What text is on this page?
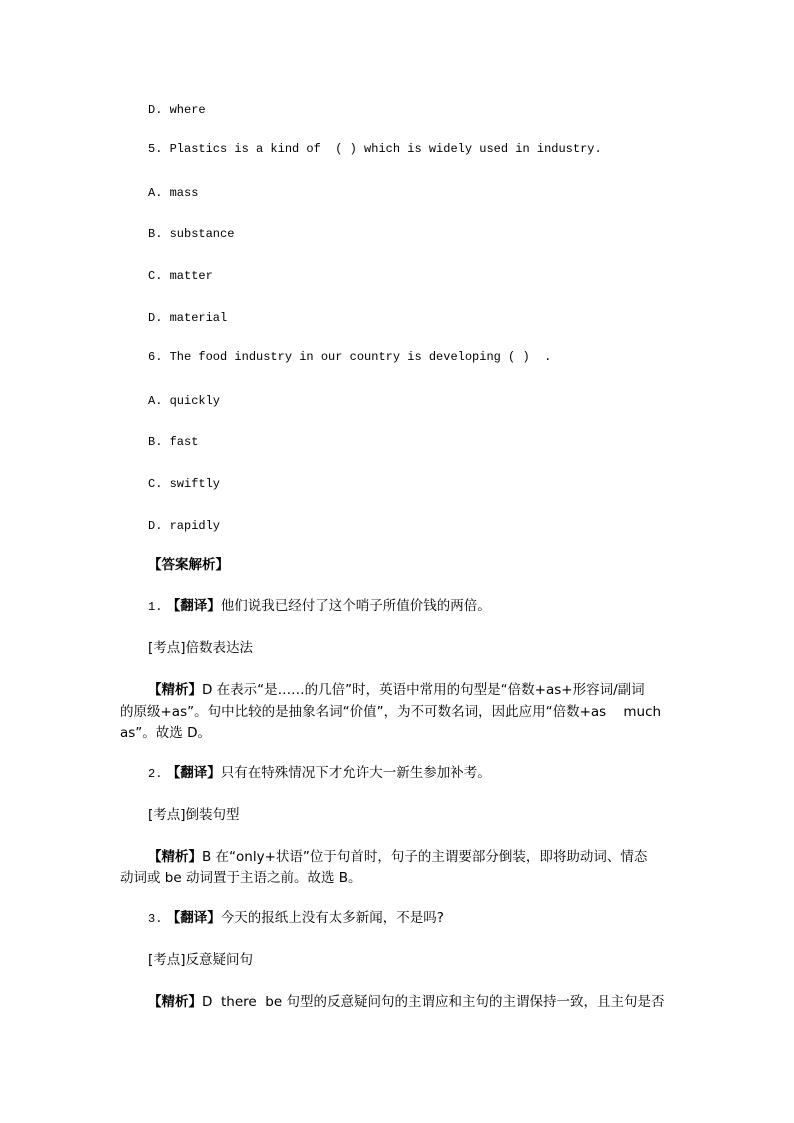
D. where
5. Plastics is a kind of  ( ) which is widely used in industry.
A. mass
B. substance
C. matter
D. material
6. The food industry in our country is developing ( )  .
A. quickly
B. fast
C. swiftly
D. rapidly
【答案解析】
1. 【翻译】他们说我已经付了这个哨子所值价钱的两倍。
[考点]倍数表达法
【精析】D 在表示“是……的几倍”时，英语中常用的句型是“倍数+as+形容词/副词
的原级+as”。句中比较的是抽象名词“价值”，为不可数名词，因此应用“倍数+as    much
as”。故选 D。
2. 【翻译】只有在特殊情况下才允许大一新生参加补考。
[考点]倒装句型
【精析】B 在“only+状语”位于句首时，句子的主谓要部分倒装，即将助动词、情态
动词或 be 动词置于主语之前。故选 B。
3. 【翻译】今天的报纸上没有太多新闻，不是吗?
[考点]反意疑问句
【精析】D  there  be 句型的反意疑问句的主谓应和主句的主谓保持一致，且主句是否
